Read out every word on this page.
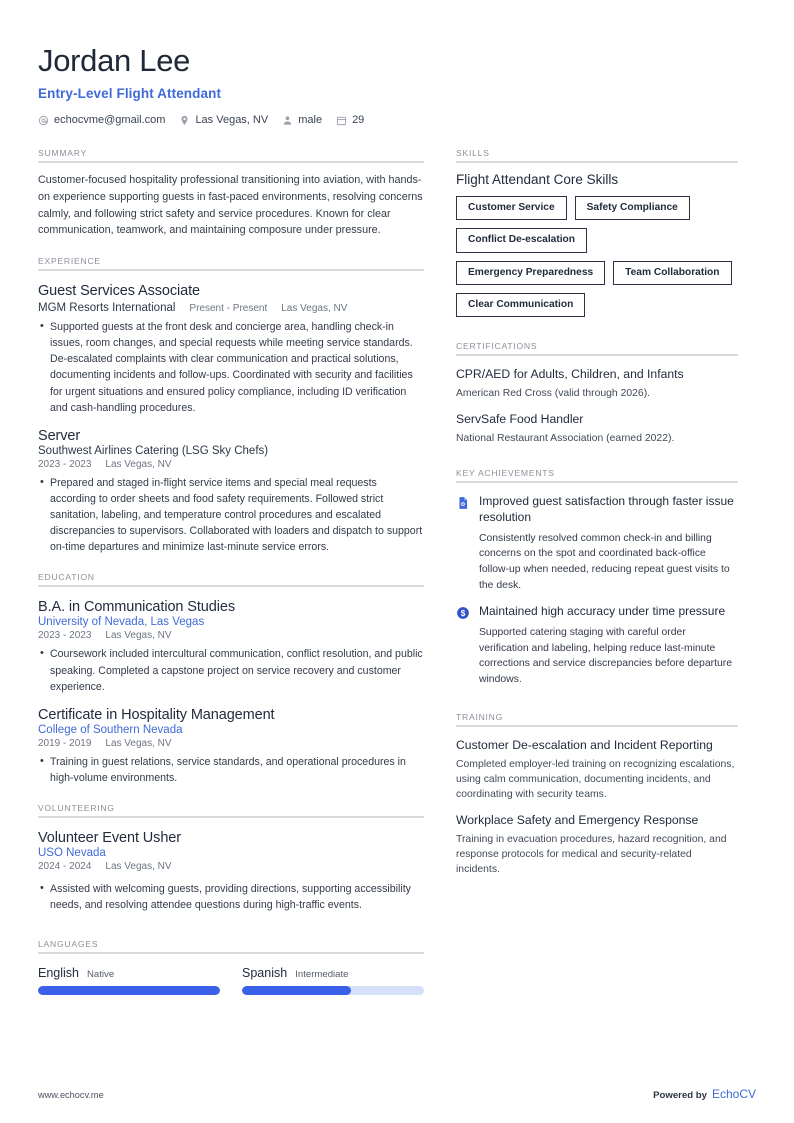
Jordan Lee
Entry-Level Flight Attendant
echocvme@gmail.com	Las Vegas, NV	male	29
SUMMARY
Customer-focused hospitality professional transitioning into aviation, with hands-on experience supporting guests in fast-paced environments, resolving concerns calmly, and following strict safety and service procedures. Known for clear communication, teamwork, and maintaining composure under pressure.
EXPERIENCE
Guest Services Associate
MGM Resorts International Present - Present Las Vegas, NV
• Supported guests at the front desk and concierge area, handling check-in issues, room changes, and special requests while meeting service standards. De-escalated complaints with clear communication and practical solutions, documenting incidents and follow-ups. Coordinated with security and facilities for urgent situations and ensured policy compliance, including ID verification and cash-handling procedures.
Server
Southwest Airlines Catering (LSG Sky Chefs)
2023 - 2023 Las Vegas, NV
• Prepared and staged in-flight service items and special meal requests according to order sheets and food safety requirements. Followed strict sanitation, labeling, and temperature control procedures and escalated discrepancies to supervisors. Collaborated with loaders and dispatch to support on-time departures and minimize last-minute service errors.
EDUCATION
B.A. in Communication Studies
University of Nevada, Las Vegas
2023 - 2023 Las Vegas, NV
• Coursework included intercultural communication, conflict resolution, and public speaking. Completed a capstone project on service recovery and customer experience.
Certificate in Hospitality Management
College of Southern Nevada
2019 - 2019 Las Vegas, NV
• Training in guest relations, service standards, and operational procedures in high-volume environments.
VOLUNTEERING
Volunteer Event Usher
USO Nevada
2024 - 2024 Las Vegas, NV
• Assisted with welcoming guests, providing directions, supporting accessibility needs, and resolving attendee questions during high-traffic events.
LANGUAGES
English Native	Spanish Intermediate
SKILLS
Flight Attendant Core Skills
Customer Service	Safety Compliance
Conflict De-escalation
Emergency Preparedness	Team Collaboration
Clear Communication
CERTIFICATIONS
CPR/AED for Adults, Children, and Infants
American Red Cross (valid through 2026).
ServSafe Food Handler
National Restaurant Association (earned 2022).
KEY ACHIEVEMENTS
Improved guest satisfaction through faster issue resolution
Consistently resolved common check-in and billing concerns on the spot and coordinated back-office follow-up when needed, reducing repeat guest visits to the desk.
$ Maintained high accuracy under time pressure
Supported catering staging with careful order verification and labeling, helping reduce last-minute corrections and service discrepancies before departure windows.
TRAINING
Customer De-escalation and Incident Reporting
Completed employer-led training on recognizing escalations, using calm communication, documenting incidents, and coordinating with security teams.
Workplace Safety and Emergency Response
Training in evacuation procedures, hazard recognition, and response protocols for medical and security-related incidents.
www.echocv.me	Powered by EchoCV
